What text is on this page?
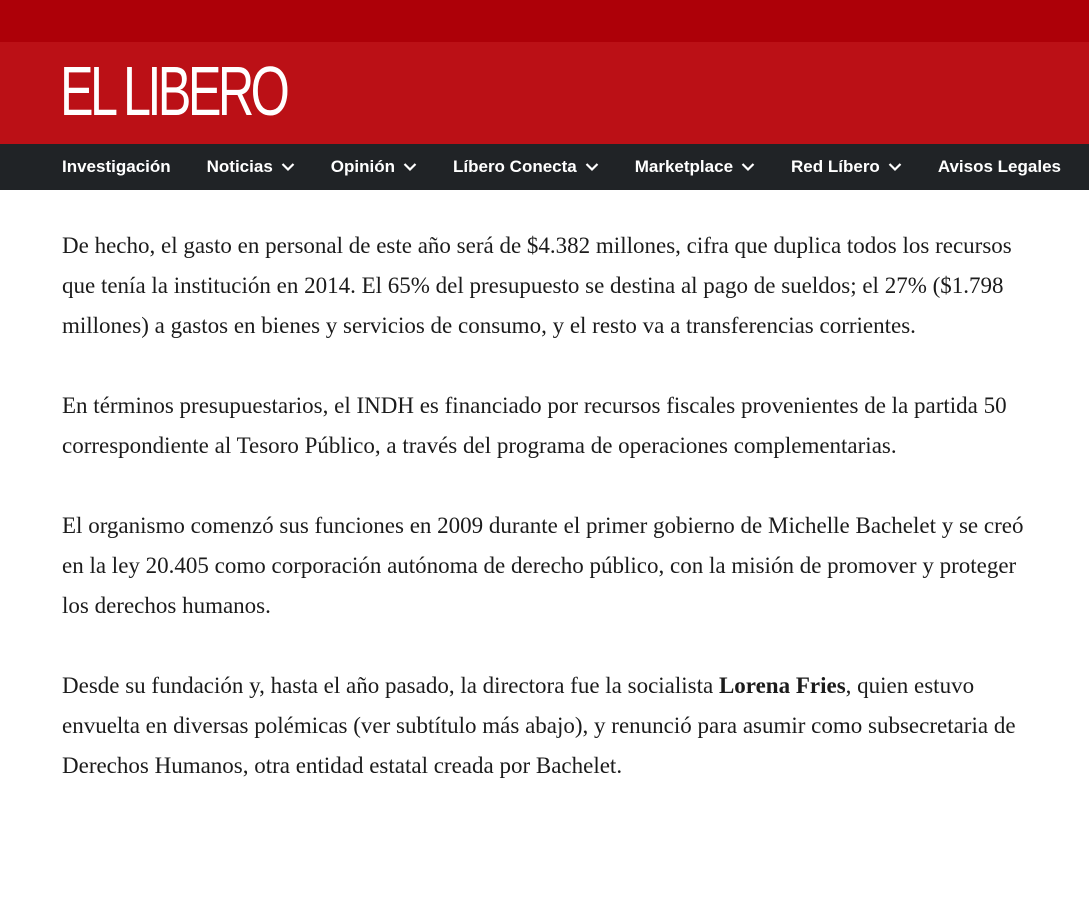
EL LIBERO
Investigación Noticias	Opinión	Líbero Conecta	Marketplace	Red Líbero	Avisos Legales

De hecho, el gasto en personal de este año será de $4.382 millones, cifra que duplica todos los recursos que tenía la institución en 2014. El 65% del presupuesto se destina al pago de sueldos; el 27% ($1.798 millones) a gastos en bienes y servicios de consumo, y el resto va a transferencias corrientes.

En términos presupuestarios, el INDH es financiado por recursos fiscales provenientes de la partida 50 correspondiente al Tesoro Público, a través del programa de operaciones complementarias.

El organismo comenzó sus funciones en 2009 durante el primer gobierno de Michelle Bachelet y se creó en la ley 20.405 como corporación autónoma de derecho público, con la misión de promover y proteger los derechos humanos.

Desde su fundación y, hasta el año pasado, la directora fue la socialista Lorena Fries, quien estuvo envuelta en diversas polémicas (ver subtítulo más abajo), y renunció para asumir como subsecretaria de Derechos Humanos, otra entidad estatal creada por Bachelet.
